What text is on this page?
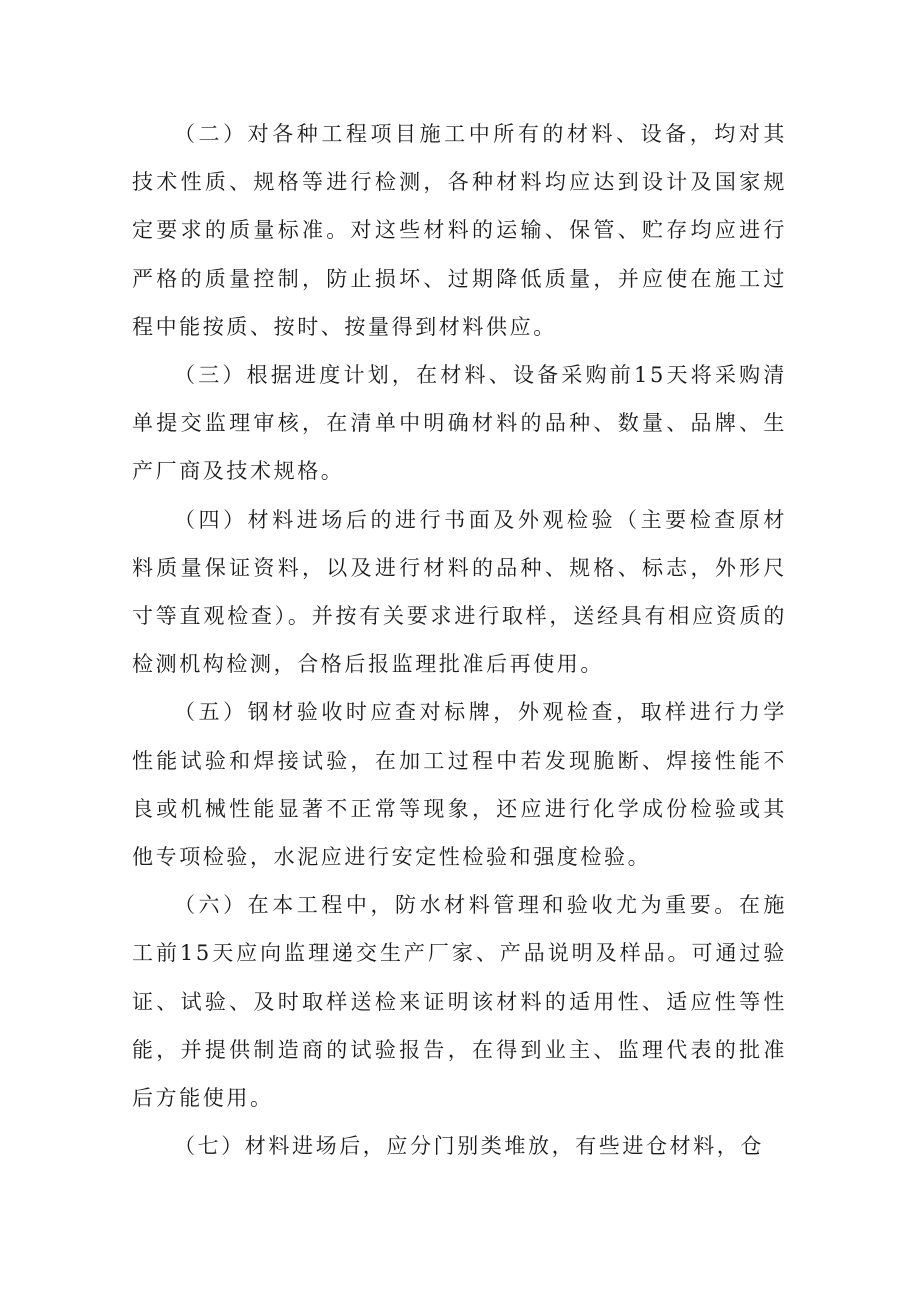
（二）对各种工程项目施工中所有的材料、设备，均对其技术性质、规格等进行检测，各种材料均应达到设计及国家规定要求的质量标准。对这些材料的运输、保管、贮存均应进行严格的质量控制，防止损坏、过期降低质量，并应使在施工过程中能按质、按时、按量得到材料供应。

（三）根据进度计划，在材料、设备采购前15天将采购清单提交监理审核，在清单中明确材料的品种、数量、品牌、生产厂商及技术规格。

（四）材料进场后的进行书面及外观检验（主要检查原材料质量保证资料，以及进行材料的品种、规格、标志，外形尺寸等直观检查）。并按有关要求进行取样，送经具有相应资质的检测机构检测，合格后报监理批准后再使用。

（五）钢材验收时应查对标牌，外观检查，取样进行力学性能试验和焊接试验，在加工过程中若发现脆断、焊接性能不良或机械性能显著不正常等现象，还应进行化学成份检验或其他专项检验，水泥应进行安定性检验和强度检验。

（六）在本工程中，防水材料管理和验收尤为重要。在施工前15天应向监理递交生产厂家、产品说明及样品。可通过验证、试验、及时取样送检来证明该材料的适用性、适应性等性能，并提供制造商的试验报告，在得到业主、监理代表的批准后方能使用。

（七）材料进场后，应分门别类堆放，有些进仓材料，仓
